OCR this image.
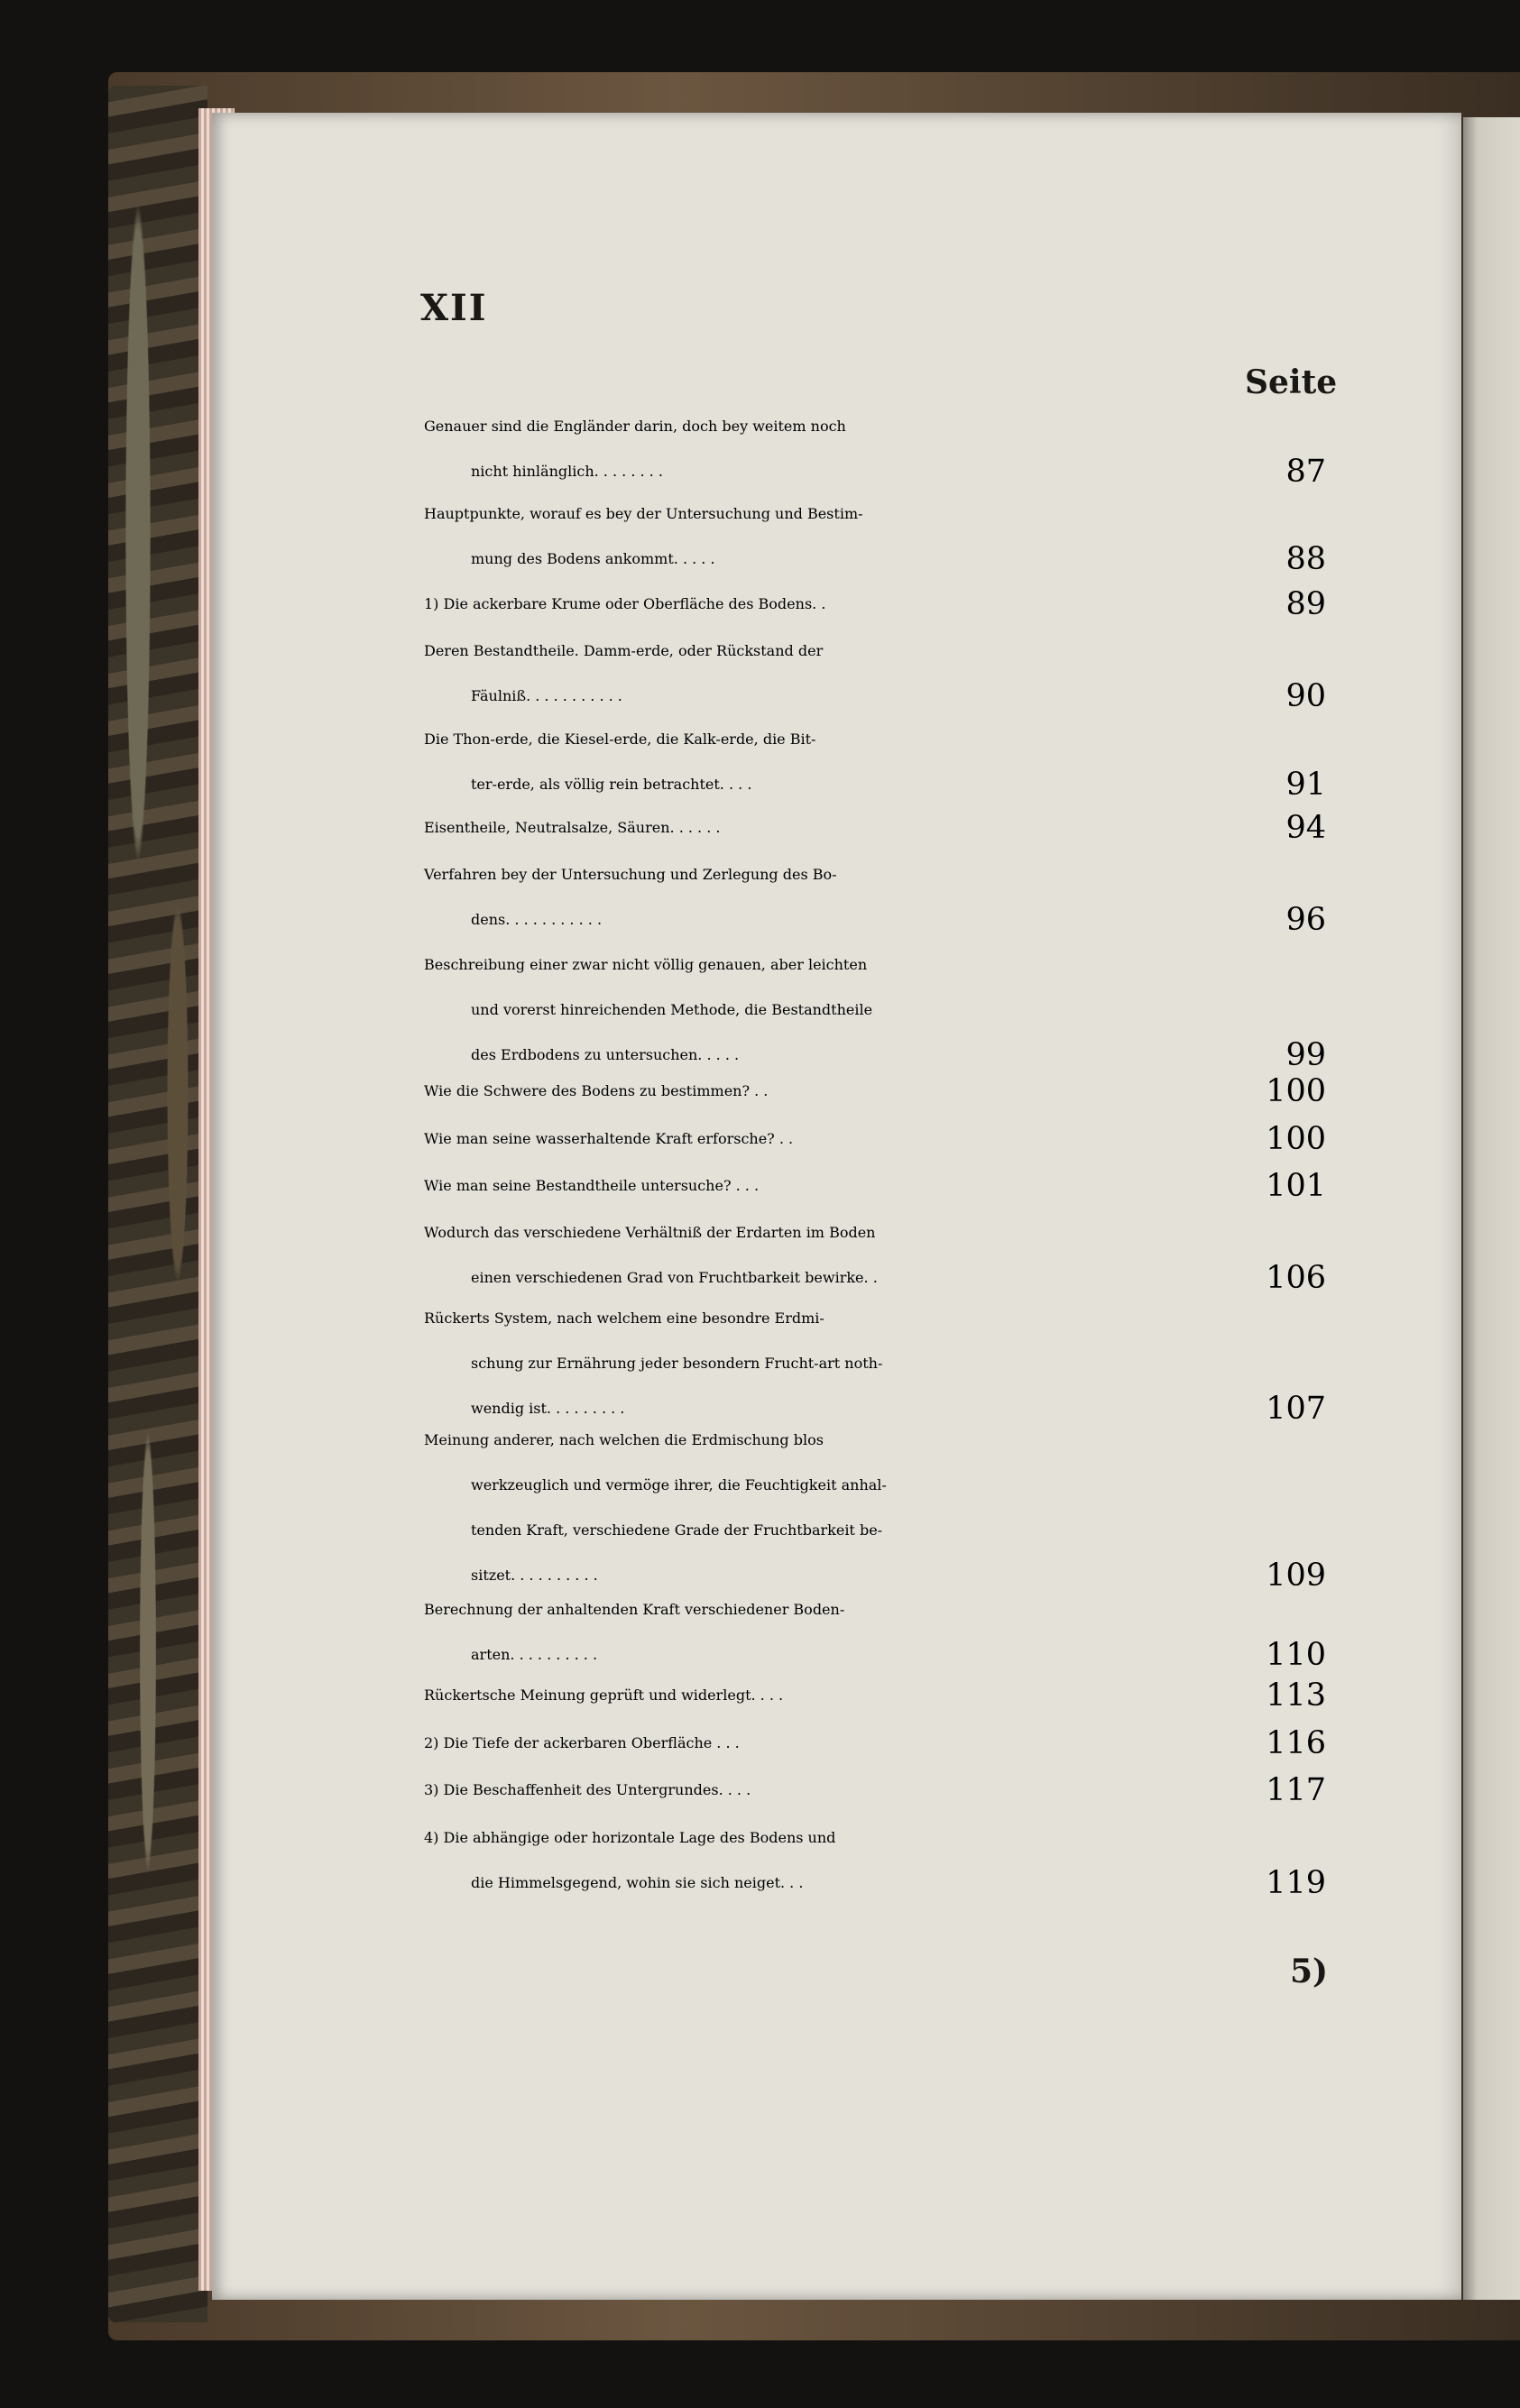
XII
Seite
Genauer sind die Engländer darin, doch bey weitem noch
nicht hinlänglich. . . . . . . .	87
Hauptpunkte, worauf es bey der Untersuchung und Bestim-
mung des Bodens ankommt. . . . .	88
1) Die ackerbare Krume oder Oberfläche des Bodens. .	89
Deren Bestandtheile. Damm-erde, oder Rückstand der
Fäulniß. . . . . . . . . . .	90
Die Thon-erde, die Kiesel-erde, die Kalk-erde, die Bit-
ter-erde, als völlig rein betrachtet. . . .	91
Eisentheile, Neutralsalze, Säuren. . . . . .	94
Verfahren bey der Untersuchung und Zerlegung des Bo-
dens. . . . . . . . . . .	96
Beschreibung einer zwar nicht völlig genauen, aber leichten
und vorerst hinreichenden Methode, die Bestandtheile
des Erdbodens zu untersuchen. . . . .	99
Wie die Schwere des Bodens zu bestimmen? . .	100
Wie man seine wasserhaltende Kraft erforsche? . .	100
Wie man seine Bestandtheile untersuche? . . .	101
Wodurch das verschiedene Verhältniß der Erdarten im Boden
einen verschiedenen Grad von Fruchtbarkeit bewirke. .	106
Rückerts System, nach welchem eine besondre Erdmi-
schung zur Ernährung jeder besondern Frucht-art noth-
wendig ist. . . . . . . . .	107
Meinung anderer, nach welchen die Erdmischung blos
werkzeuglich und vermöge ihrer, die Feuchtigkeit anhal-
tenden Kraft, verschiedene Grade der Fruchtbarkeit be-
sitzet. . . . . . . . . .	109
Berechnung der anhaltenden Kraft verschiedener Boden-
arten. . . . . . . . . .	110
Rückertsche Meinung geprüft und widerlegt. . . .	113
2) Die Tiefe der ackerbaren Oberfläche . . .	116
3) Die Beschaffenheit des Untergrundes. . . .	117
4) Die abhängige oder horizontale Lage des Bodens und
die Himmelsgegend, wohin sie sich neiget. . .	119
5)
